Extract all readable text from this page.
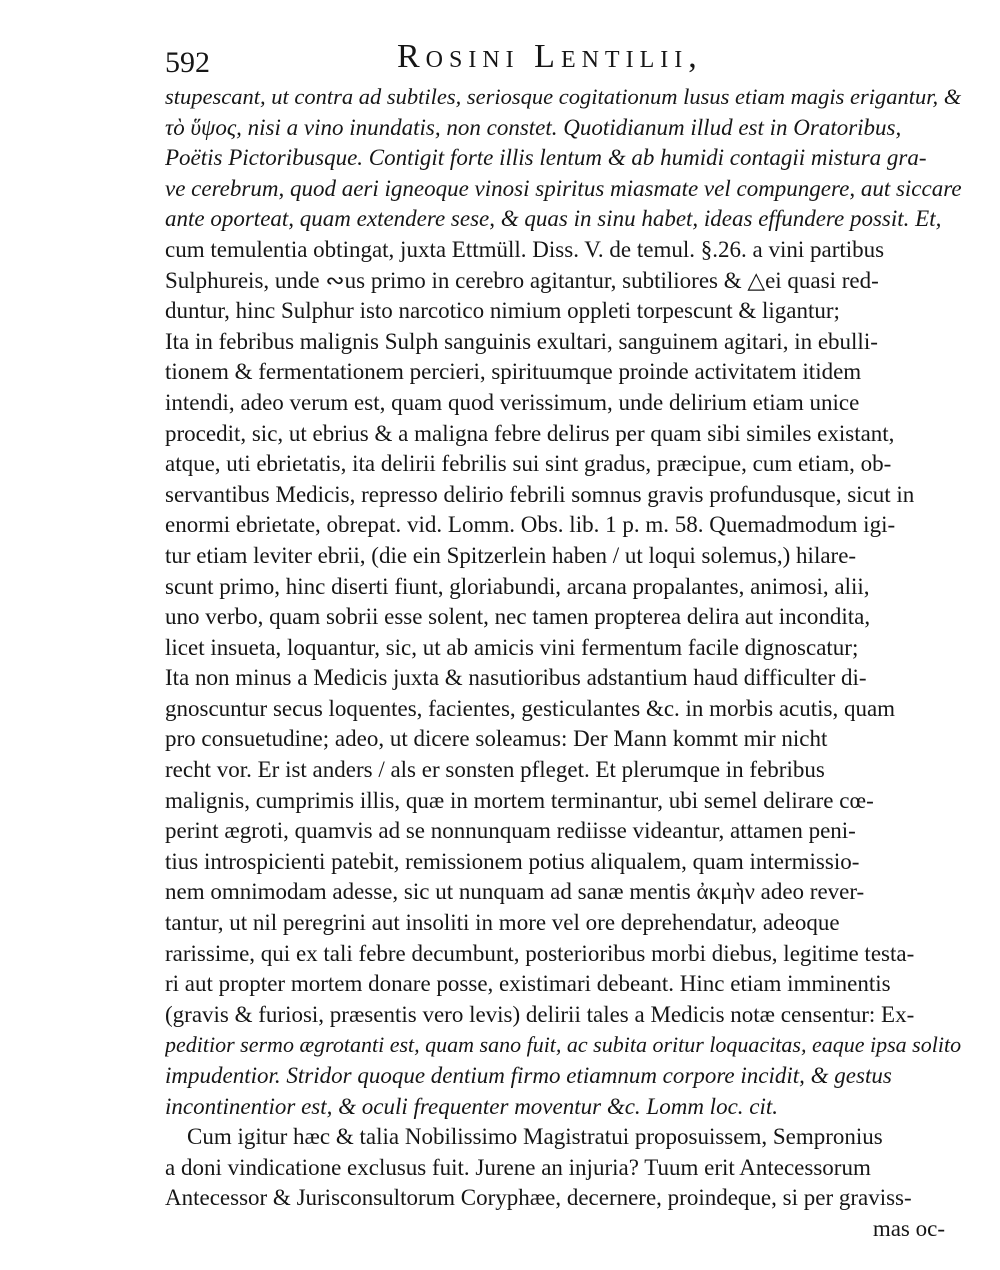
592	Rosini Lentilii,
stupescant, ut contra ad subtiles, seriosque cogitationum lusus etiam magis erigantur, &
τὸ ὕψος, nisi a vino inundatis, non constet. Quotidianum illud est in Oratoribus,
Poëtis Pictoribusque. Contigit forte illis lentum & ab humidi contagii mistura gra-
ve cerebrum, quod aeri igneoque vinosi spiritus miasmate vel compungere, aut siccare
ante oporteat, quam extendere sese, & quas in sinu habet, ideas effundere possit. Et,
cum temulentia obtingat, juxta Ettmüll. Diss. V. de temul. §.26. a vini partibus
Sulphureis, unde ∾us primo in cerebro agitantur, subtiliores & △ei quasi red-
duntur, hinc Sulphur isto narcotico nimium oppleti torpescunt & ligantur;
Ita in febribus malignis Sulph sanguinis exultari, sanguinem agitari, in ebulli-
tionem & fermentationem percieri, spirituumque proinde activitatem itidem
intendi, adeo verum est, quam quod verissimum, unde delirium etiam unice
procedit, sic, ut ebrius & a maligna febre delirus per quam sibi similes existant,
atque, uti ebrietatis, ita delirii febrilis sui sint gradus, præcipue, cum etiam, ob-
servantibus Medicis, represso delirio febrili somnus gravis profundusque, sicut in
enormi ebrietate, obrepat. vid. Lomm. Obs. lib. 1 p. m. 58. Quemadmodum igi-
tur etiam leviter ebrii, (die ein Spitzerlein haben / ut loqui solemus,) hilare-
scunt primo, hinc diserti fiunt, gloriabundi, arcana propalantes, animosi, alii,
uno verbo, quam sobrii esse solent, nec tamen propterea delira aut incondita,
licet insueta, loquantur, sic, ut ab amicis vini fermentum facile dignoscatur;
Ita non minus a Medicis juxta & nasutioribus adstantium haud difficulter di-
gnoscuntur secus loquentes, facientes, gesticulantes &c. in morbis acutis, quam
pro consuetudine; adeo, ut dicere soleamus: Der Mann kommt mir nicht
recht vor. Er ist anders / als er sonsten pfleget. Et plerumque in febribus
malignis, cumprimis illis, quæ in mortem terminantur, ubi semel delirare cœ-
perint ægroti, quamvis ad se nonnunquam rediisse videantur, attamen peni-
tius introspicienti patebit, remissionem potius aliqualem, quam intermissio-
nem omnimodam adesse, sic ut nunquam ad sanæ mentis ἀκμὴν adeo rever-
tantur, ut nil peregrini aut insoliti in more vel ore deprehendatur, adeoque
rarissime, qui ex tali febre decumbunt, posterioribus morbi diebus, legitime testa-
ri aut propter mortem donare posse, existimari debeant. Hinc etiam imminentis
(gravis & furiosi, præsentis vero levis) delirii tales a Medicis notæ censentur: Ex-
peditior sermo ægrotanti est, quam sano fuit, ac subita oritur loquacitas, eaque ipsa solito
impudentior. Stridor quoque dentium firmo etiamnum corpore incidit, & gestus
incontinentior est, & oculi frequenter moventur &c. Lomm loc. cit.
Cum igitur hæc & talia Nobilissimo Magistratui proposuissem, Sempronius
a doni vindicatione exclusus fuit. Jurene an injuria? Tuum erit Antecessorum
Antecessor & Jurisconsultorum Coryphæe, decernere, proindeque, si per graviss-
mas oc-
